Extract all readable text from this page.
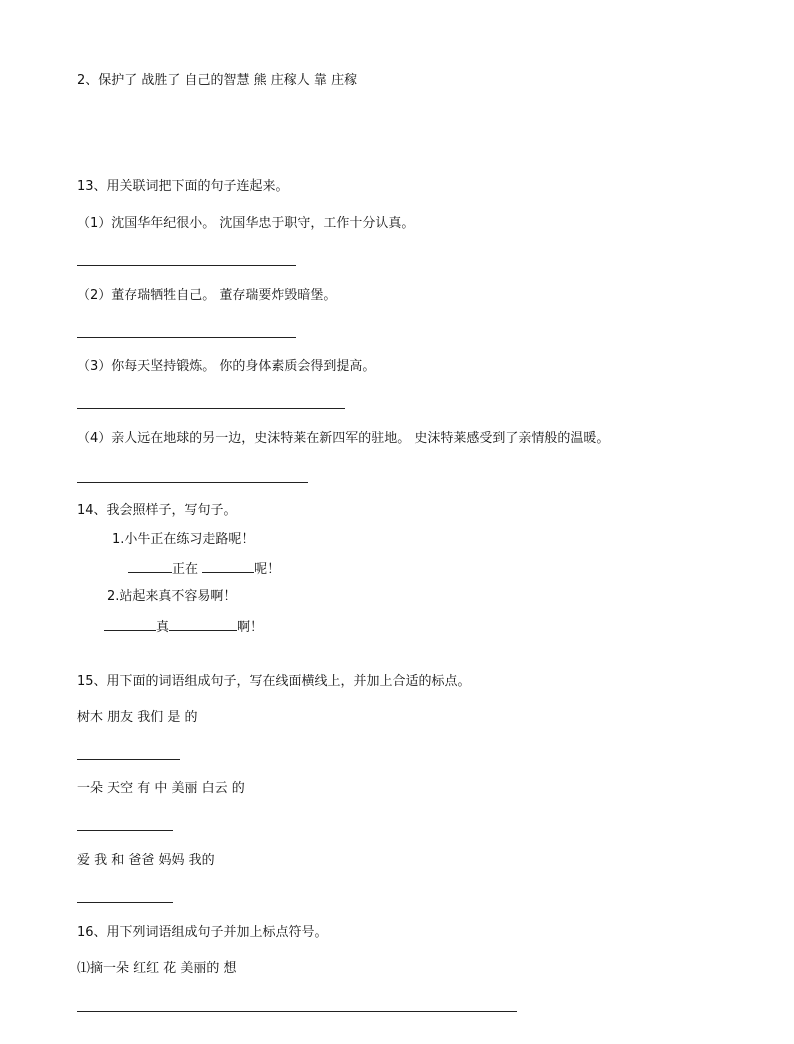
2、保护了 战胜了 自己的智慧 熊 庄稼人 靠 庄稼
13、用关联词把下面的句子连起来。
（1）沈国华年纪很小。 沈国华忠于职守，工作十分认真。
（2）董存瑞牺牲自己。 董存瑞要炸毁暗堡。
（3）你每天坚持锻炼。 你的身体素质会得到提高。
（4）亲人远在地球的另一边，史沫特莱在新四军的驻地。 史沫特莱感受到了亲情般的温暖。
14、我会照样子，写句子。
1.小牛正在练习走路呢！
正在	呢！
2.站起来真不容易啊！
真	啊！
15、用下面的词语组成句子，写在线面横线上，并加上合适的标点。
树木 朋友 我们 是 的
一朵 天空 有 中 美丽 白云 的
爱 我 和 爸爸 妈妈 我的
16、用下列词语组成句子并加上标点符号。
⑴摘一朵 红红 花 美丽的 想
